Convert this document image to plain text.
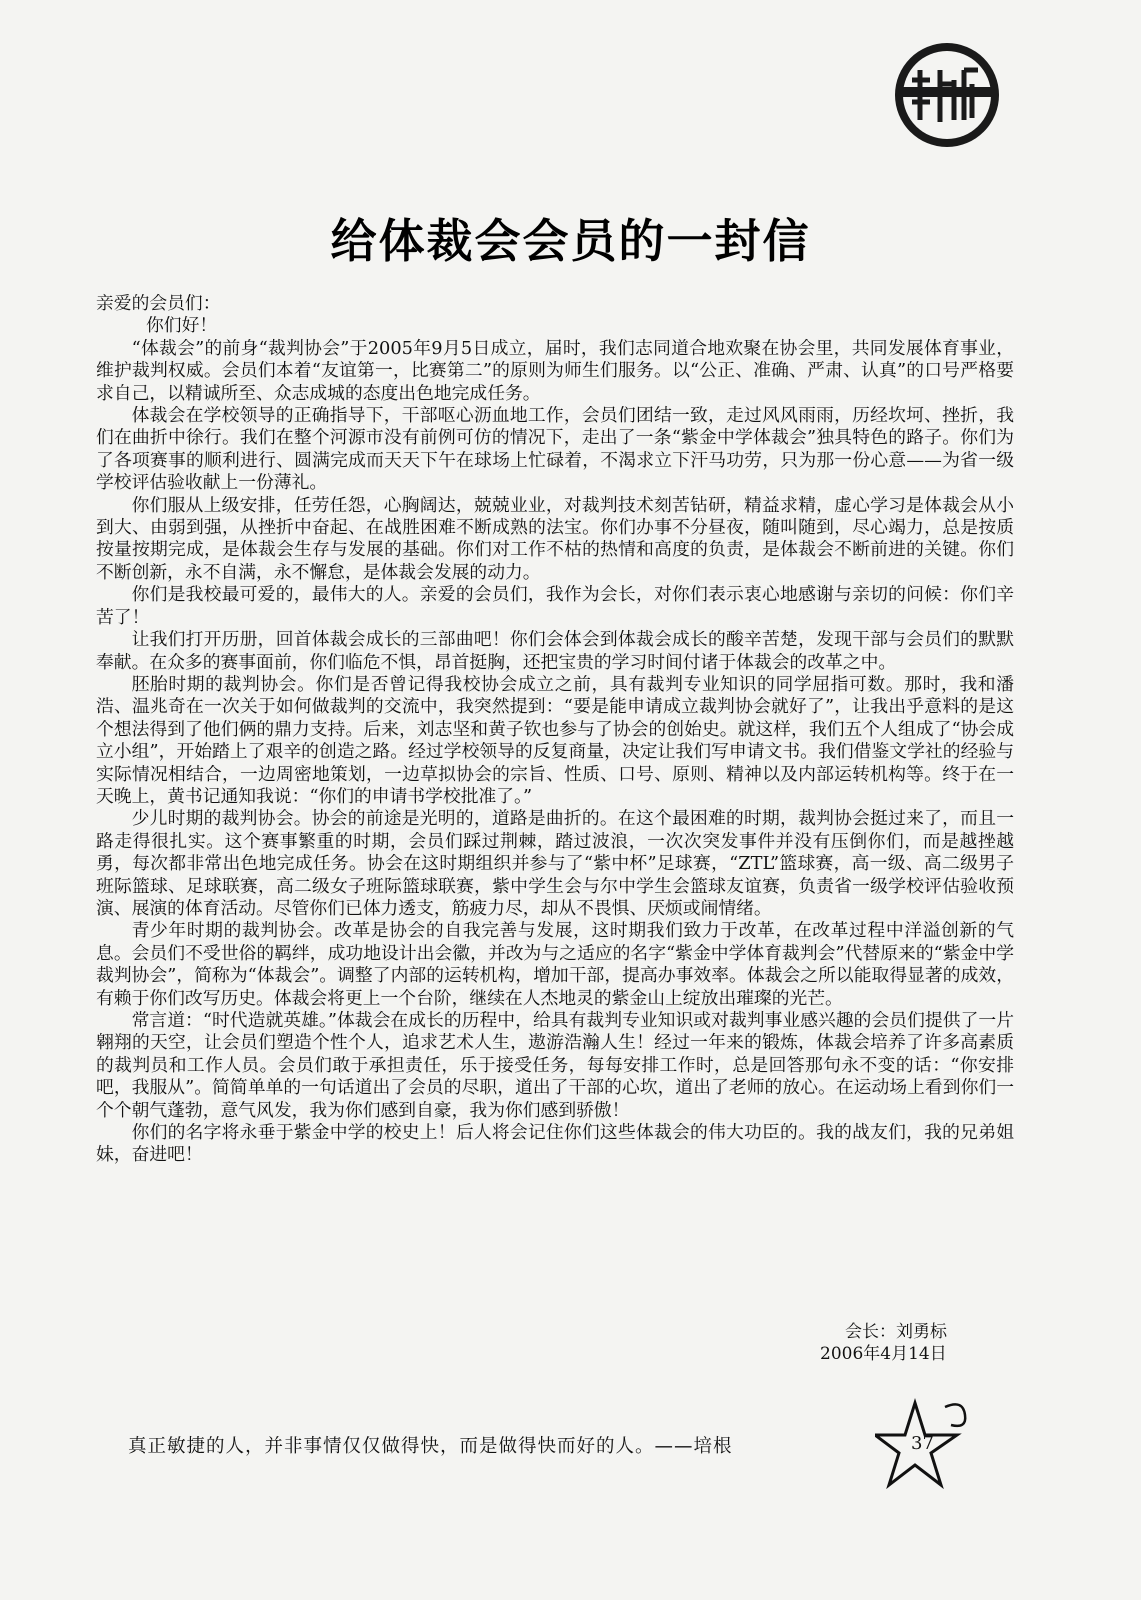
给体裁会会员的一封信
亲爱的会员们：
你们好！

“体裁会”的前身“裁判协会”于2005年9月5日成立，届时，我们志同道合地欢聚在协会里，共同发展体育事业，维护裁判权威。会员们本着“友谊第一，比赛第二”的原则为师生们服务。以“公正、准确、严肃、认真”的口号严格要求自己，以精诚所至、众志成城的态度出色地完成任务。

体裁会在学校领导的正确指导下，干部呕心沥血地工作，会员们团结一致，走过风风雨雨，历经坎坷、挫折，我们在曲折中徐行。我们在整个河源市没有前例可仿的情况下，走出了一条“紫金中学体裁会”独具特色的路子。你们为了各项赛事的顺利进行、圆满完成而天天下午在球场上忙碌着，不渴求立下汗马功劳，只为那一份心意——为省一级学校评估验收献上一份薄礼。

你们服从上级安排，任劳任怨，心胸阔达，兢兢业业，对裁判技术刻苦钻研，精益求精，虚心学习是体裁会从小到大、由弱到强，从挫折中奋起、在战胜困难不断成熟的法宝。你们办事不分昼夜，随叫随到，尽心竭力，总是按质按量按期完成，是体裁会生存与发展的基础。你们对工作不枯的热情和高度的负责，是体裁会不断前进的关键。你们不断创新，永不自满，永不懈怠，是体裁会发展的动力。

你们是我校最可爱的，最伟大的人。亲爱的会员们，我作为会长，对你们表示衷心地感谢与亲切的问候：你们辛苦了！

让我们打开历册，回首体裁会成长的三部曲吧！你们会体会到体裁会成长的酸辛苦楚，发现干部与会员们的默默奉献。在众多的赛事面前，你们临危不惧，昂首挺胸，还把宝贵的学习时间付诸于体裁会的改革之中。

胚胎时期的裁判协会。你们是否曾记得我校协会成立之前，具有裁判专业知识的同学屈指可数。那时，我和潘浩、温兆奇在一次关于如何做裁判的交流中，我突然提到：“要是能申请成立裁判协会就好了”，让我出乎意料的是这个想法得到了他们俩的鼎力支持。后来，刘志坚和黄子钦也参与了协会的创始史。就这样，我们五个人组成了“协会成立小组”，开始踏上了艰辛的创造之路。经过学校领导的反复商量，决定让我们写申请文书。我们借鉴文学社的经验与实际情况相结合，一边周密地策划，一边草拟协会的宗旨、性质、口号、原则、精神以及内部运转机构等。终于在一天晚上，黄书记通知我说：“你们的申请书学校批准了。”

少儿时期的裁判协会。协会的前途是光明的，道路是曲折的。在这个最困难的时期，裁判协会挺过来了，而且一路走得很扎实。这个赛事繁重的时期，会员们踩过荆棘，踏过波浪，一次次突发事件并没有压倒你们，而是越挫越勇，每次都非常出色地完成任务。协会在这时期组织并参与了“紫中杯”足球赛，“ZTL”篮球赛，高一级、高二级男子班际篮球、足球联赛，高二级女子班际篮球联赛，紫中学生会与尔中学生会篮球友谊赛，负责省一级学校评估验收预演、展演的体育活动。尽管你们已体力透支，筋疲力尽，却从不畏惧、厌烦或闹情绪。

青少年时期的裁判协会。改革是协会的自我完善与发展，这时期我们致力于改革，在改革过程中洋溢创新的气息。会员们不受世俗的羁绊，成功地设计出会徽，并改为与之适应的名字“紫金中学体育裁判会”代替原来的“紫金中学裁判协会”，简称为“体裁会”。调整了内部的运转机构，增加干部，提高办事效率。体裁会之所以能取得显著的成效，有赖于你们改写历史。体裁会将更上一个台阶，继续在人杰地灵的紫金山上绽放出璀璨的光芒。

常言道：“时代造就英雄。”体裁会在成长的历程中，给具有裁判专业知识或对裁判事业感兴趣的会员们提供了一片翱翔的天空，让会员们塑造个性个人，追求艺术人生，遨游浩瀚人生！经过一年来的锻炼，体裁会培养了许多高素质的裁判员和工作人员。会员们敢于承担责任，乐于接受任务，每每安排工作时，总是回答那句永不变的话：“你安排吧，我服从”。简简单单的一句话道出了会员的尽职，道出了干部的心坎，道出了老师的放心。在运动场上看到你们一个个朝气蓬勃，意气风发，我为你们感到自豪，我为你们感到骄傲！

你们的名字将永垂于紫金中学的校史上！后人将会记住你们这些体裁会的伟大功臣的。我的战友们，我的兄弟姐妹，奋进吧！

会长：刘勇标
2006年4月14日
真正敏捷的人，并非事情仅仅做得快，而是做得快而好的人。——培根	37
